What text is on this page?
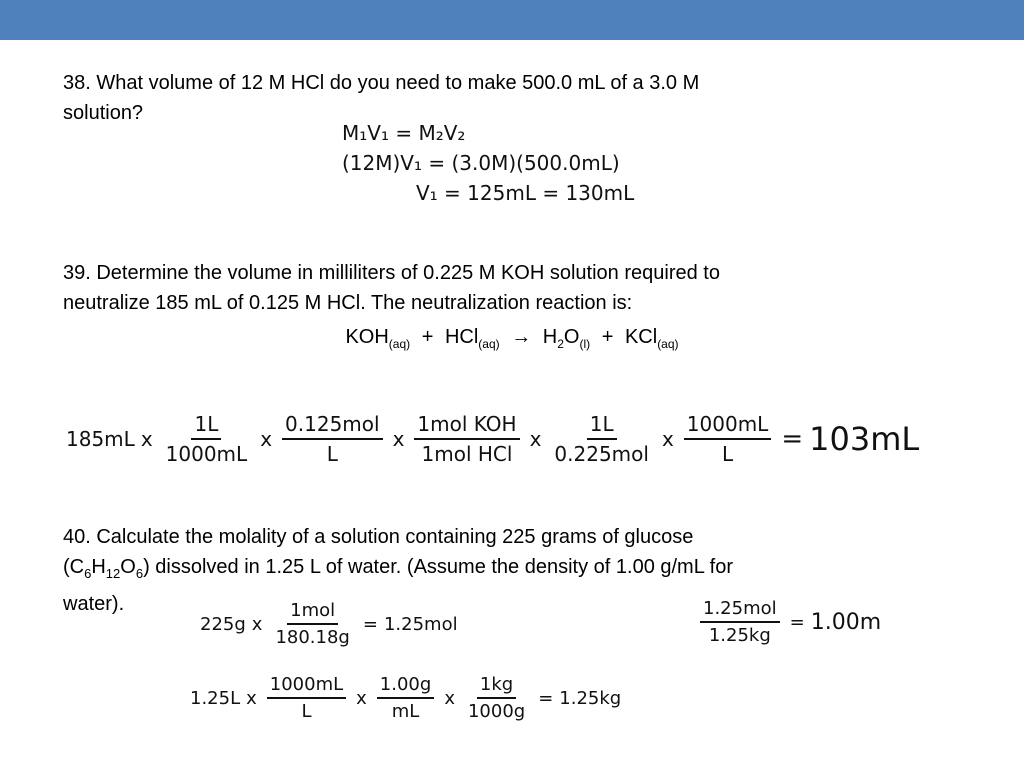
38. What volume of 12 M HCl do you need to make 500.0 mL of a 3.0 M

solution?

M₁V₁ = M₂V₂
(12M)V₁ = (3.0M)(500.0mL)
V₁ = 125mL = 130mL

39. Determine the volume in milliliters of 0.225 M KOH solution required to

neutralize 185 mL of 0.125 M HCl. The neutralization reaction is:

$KOH_{(aq)} + HCl_{(aq)} \to H_2O_{(l)} + KCl_{(aq)}$
185mL x $\frac{1L}{1000mL}$ x $\frac{\text{0.125mol}}{L}$ x $\frac{\text{1mol KOH}}{\text{1mol HCl}}$ x $\frac{1L}{\text{0.225mol}}$ x $\frac{1000mL}{L} = 103mL$

40. Calculate the molality of a solution containing 225 grams of glucose

$(C_6H_{12}O_6)$ dissolved in 1.25 L of water. (Assume the density of 1.00 g/mL for

water).

225g x $\frac{\text{1mol}}{180.18g} = 1.25mol$	$\frac{\text{1.25mol}}{1.25kg} = 1.00m$
1.25L x $\frac{1000mL}{L}$ x $\frac{1.00g}{mL}$ x $\frac{1kg}{1000g} = 1.25kg$
